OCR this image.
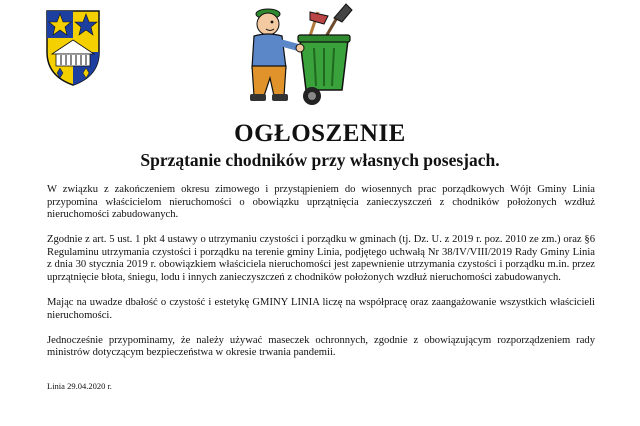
OGŁOSZENIE
Sprzątanie chodników przy własnych posesjach.

W związku z zakończeniem okresu zimowego i przystąpieniem do wiosennych prac porządkowych Wójt Gminy Linia przypomina właścicielom nieruchomości o obowiązku uprzątnięcia zanieczyszczeń z chodników położonych wzdłuż nieruchomości zabudowanych.

Zgodnie z art. 5 ust. 1 pkt 4 ustawy o utrzymaniu czystości i porządku w gminach (tj. Dz. U. z 2019 r. poz. 2010 ze zm.) oraz §6 Regulaminu utrzymania czystości i porządku na terenie gminy Linia, podjętego uchwałą Nr 38/IV/VIII/2019 Rady Gminy Linia z dnia 30 stycznia 2019 r. obowiązkiem właściciela nieruchomości jest zapewnienie utrzymania czystości i porządku m.in. przez uprzątnięcie błota, śniegu, lodu i innych zanieczyszczeń z chodników położonych wzdłuż nieruchomości zabudowanych.

Mając na uwadze dbałość o czystość i estetykę GMINY LINIA liczę na współpracę oraz zaangażowanie wszystkich właścicieli nieruchomości.

Jednocześnie przypominamy, że należy używać maseczek ochronnych, zgodnie z obowiązującym rozporządzeniem rady ministrów dotyczącym bezpieczeństwa w okresie trwania pandemii.

Linia 29.04.2020 r.
